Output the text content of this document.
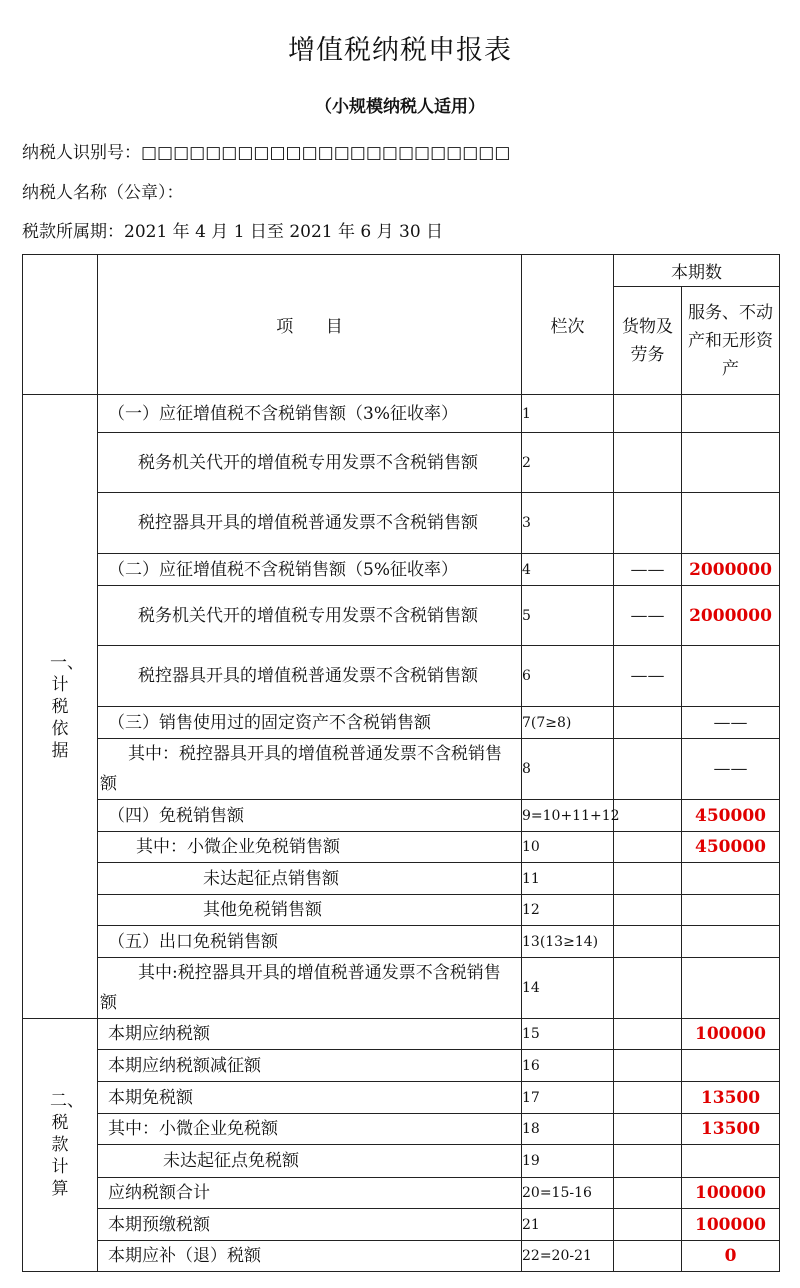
增值税纳税申报表
（小规模纳税人适用）
纳税人识别号：□□□□□□□□□□□□□□□□□□□□□□□
纳税人名称（公章）：
税款所属期：2021 年 4 月 1 日至 2021 年 6 月 30 日
	项      目	栏次	本期数	
			货物及劳务	服务、不动产和无形资产
一、计税依据	（一）应征增值税不含税销售额（3%征收率）	1		
	税务机关代开的增值税专用发票不含税销售额	2		
	税控器具开具的增值税普通发票不含税销售额	3		
	（二）应征增值税不含税销售额（5%征收率）	4	——	2000000
	税务机关代开的增值税专用发票不含税销售额	5	——	2000000
	税控器具开具的增值税普通发票不含税销售额	6	——	
	（三）销售使用过的固定资产不含税销售额	7(7≥8)		——
	其中：税控器具开具的增值税普通发票不含税销售额	8		——
	（四）免税销售额	9=10+11+12		450000
	其中：小微企业免税销售额	10		450000
	未达起征点销售额	11		
	其他免税销售额	12		
	（五）出口免税销售额	13(13≥14)		
	其中:税控器具开具的增值税普通发票不含税销售额	14		
二、税款计算	本期应纳税额	15		100000
	本期应纳税额减征额	16		
	本期免税额	17		13500
	其中：小微企业免税额	18		13500
	未达起征点免税额	19		
	应纳税额合计	20=15-16		100000
	本期预缴税额	21		100000
	本期应补（退）税额	22=20-21		0
